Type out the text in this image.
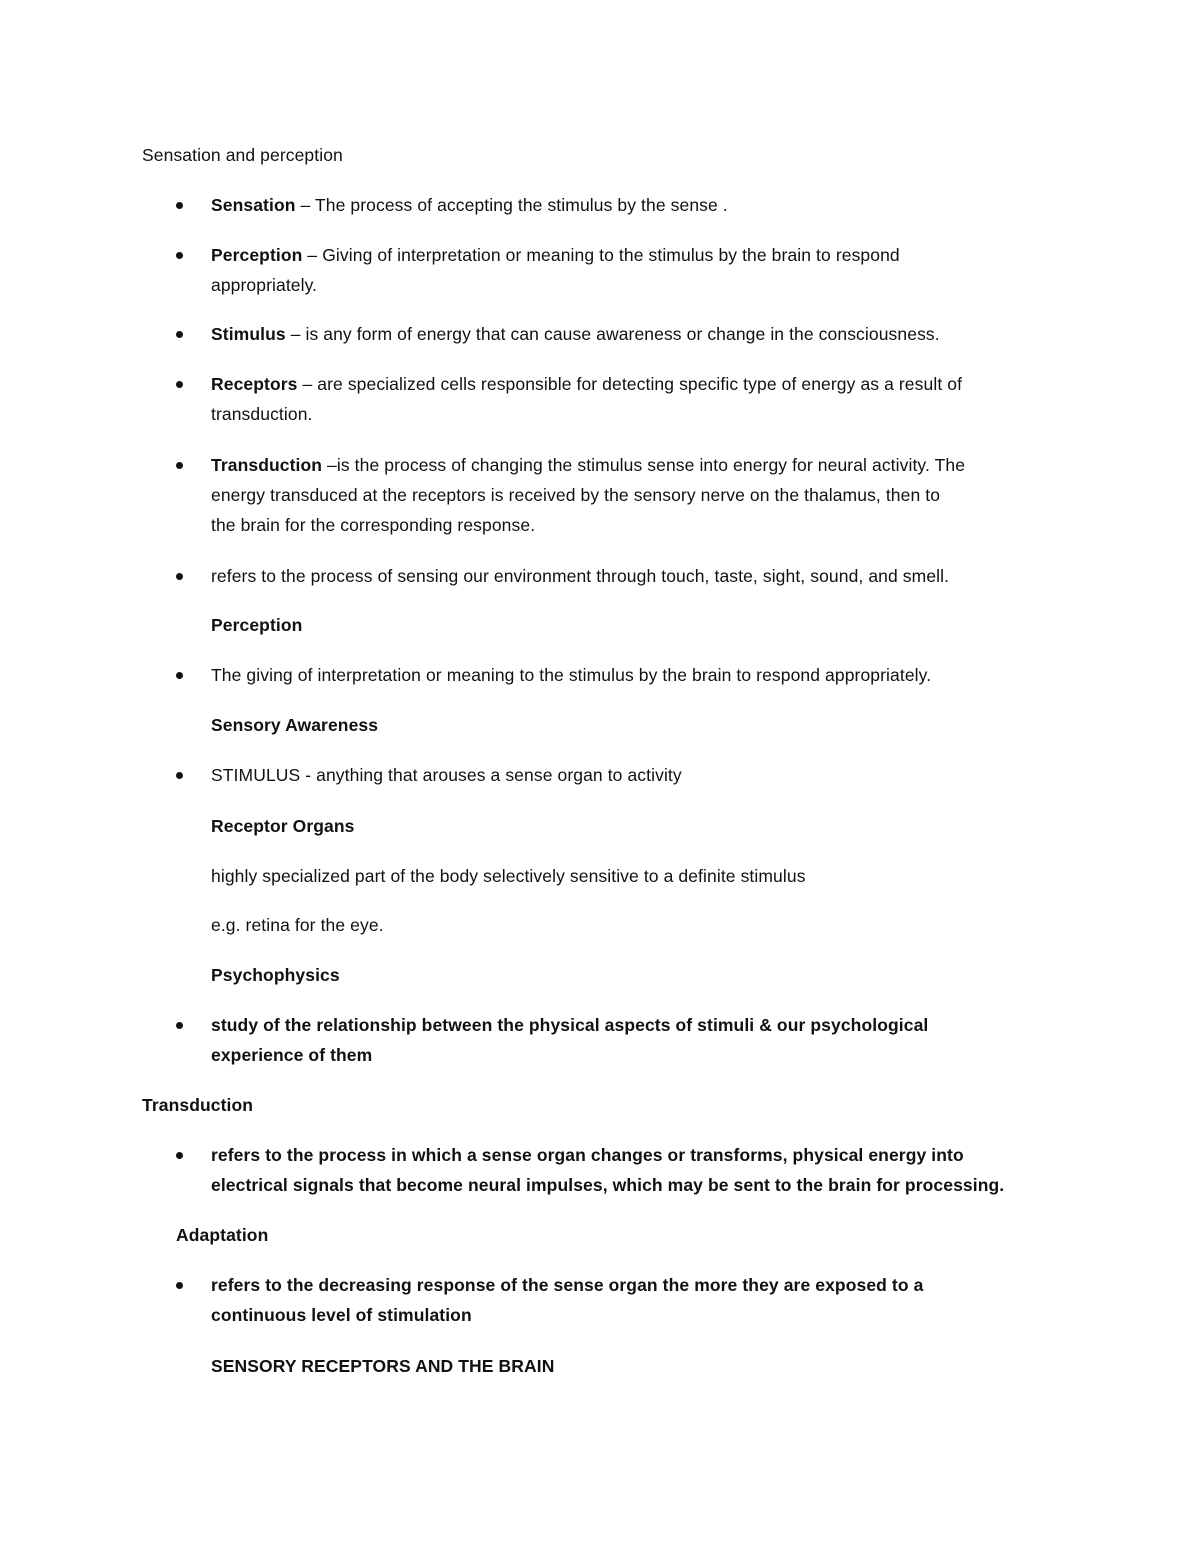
Sensation and perception
Sensation – The process of accepting the stimulus by the sense .
Perception – Giving of interpretation or meaning to the stimulus by the brain to respond
appropriately.
Stimulus – is any form of energy that can cause awareness or change in the consciousness.
Receptors – are specialized cells responsible for detecting specific type of energy as a result of
transduction.
Transduction –is the process of changing the stimulus sense into energy for neural activity. The
energy transduced at the receptors is received by the sensory nerve on the thalamus, then to
the brain for the corresponding response.
refers to the process of sensing our environment through touch, taste, sight, sound, and smell.
Perception
The giving of interpretation or meaning to the stimulus by the brain to respond appropriately.
Sensory Awareness
STIMULUS - anything that arouses a sense organ to activity
Receptor Organs
highly specialized part of the body selectively sensitive to a definite stimulus
e.g. retina for the eye.
Psychophysics
study of the relationship between the physical aspects of stimuli & our psychological
experience of them
Transduction
refers to the process in which a sense organ changes or transforms, physical energy into
electrical signals that become neural impulses, which may be sent to the brain for processing.
Adaptation
refers to the decreasing response of the sense organ the more they are exposed to a
continuous level of stimulation
SENSORY RECEPTORS AND THE BRAIN
